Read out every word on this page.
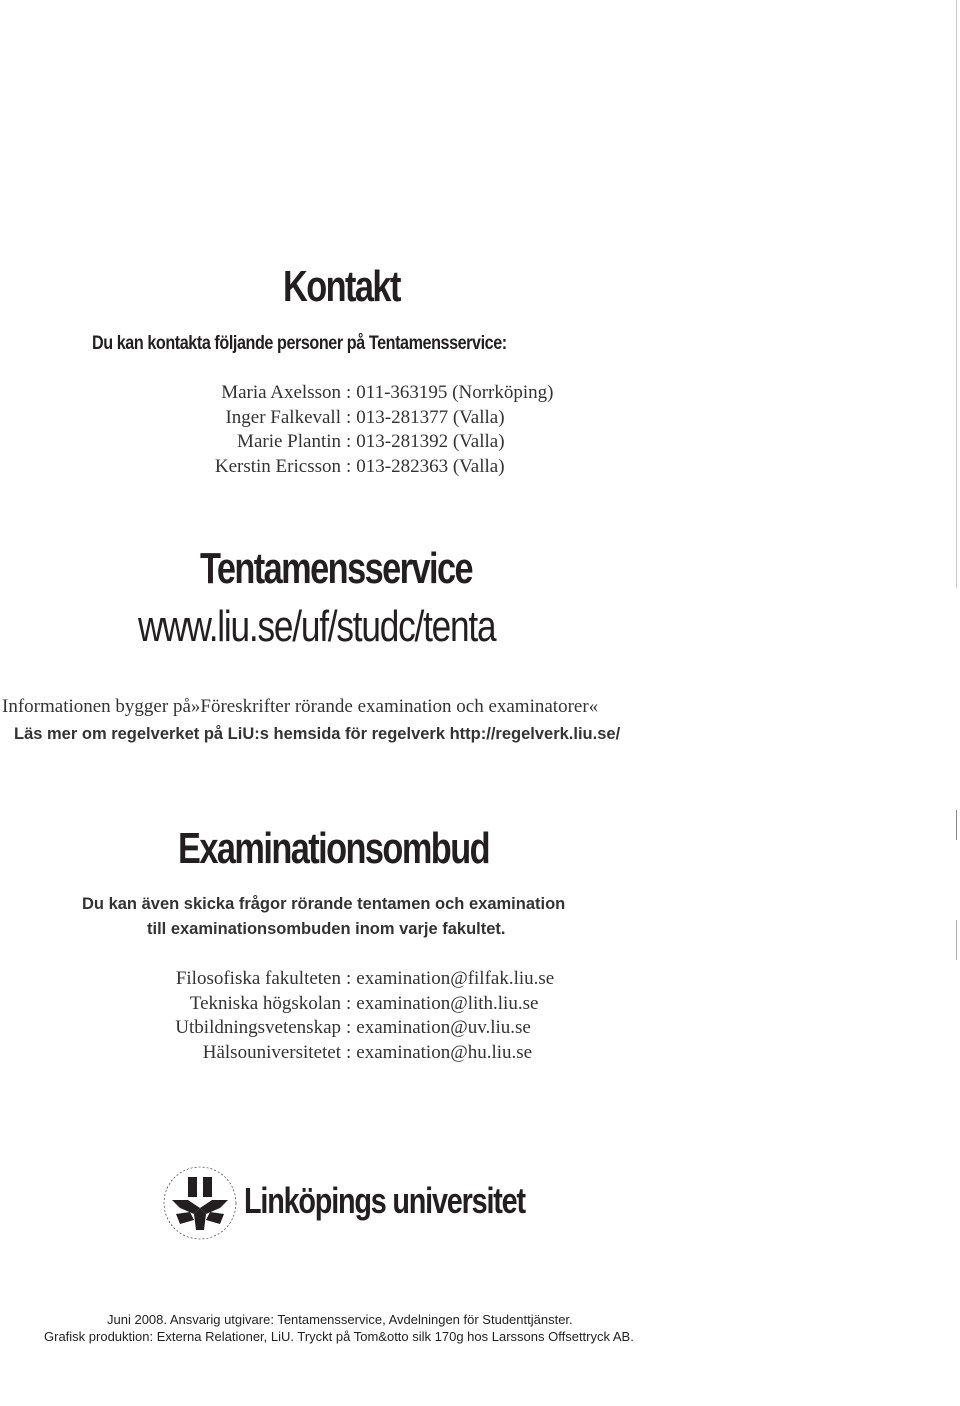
Kontakt
Du kan kontakta följande personer på Tentamensservice:
Maria Axelsson : 011-363195 (Norrköping)
Inger Falkevall : 013-281377 (Valla)
Marie Plantin : 013-281392 (Valla)
Kerstin Ericsson : 013-282363 (Valla)
Tentamensservice
www.liu.se/uf/studc/tenta
Informationen bygger på»Föreskrifter rörande examination och examinatorer«
Läs mer om regelverket på LiU:s hemsida för regelverk http://regelverk.liu.se/
Examinationsombud
Du kan även skicka frågor rörande tentamen och examination
till examinationsombuden inom varje fakultet.
Filosofiska fakulteten : examination@filfak.liu.se
Tekniska högskolan : examination@lith.liu.se
Utbildningsvetenskap : examination@uv.liu.se
Hälsouniversitetet : examination@hu.liu.se
Linköpings universitet
Juni 2008. Ansvarig utgivare: Tentamensservice, Avdelningen för Studenttjänster.
Grafisk produktion: Externa Relationer, LiU. Tryckt på Tom&otto silk 170g hos Larssons Offsettryck AB.
